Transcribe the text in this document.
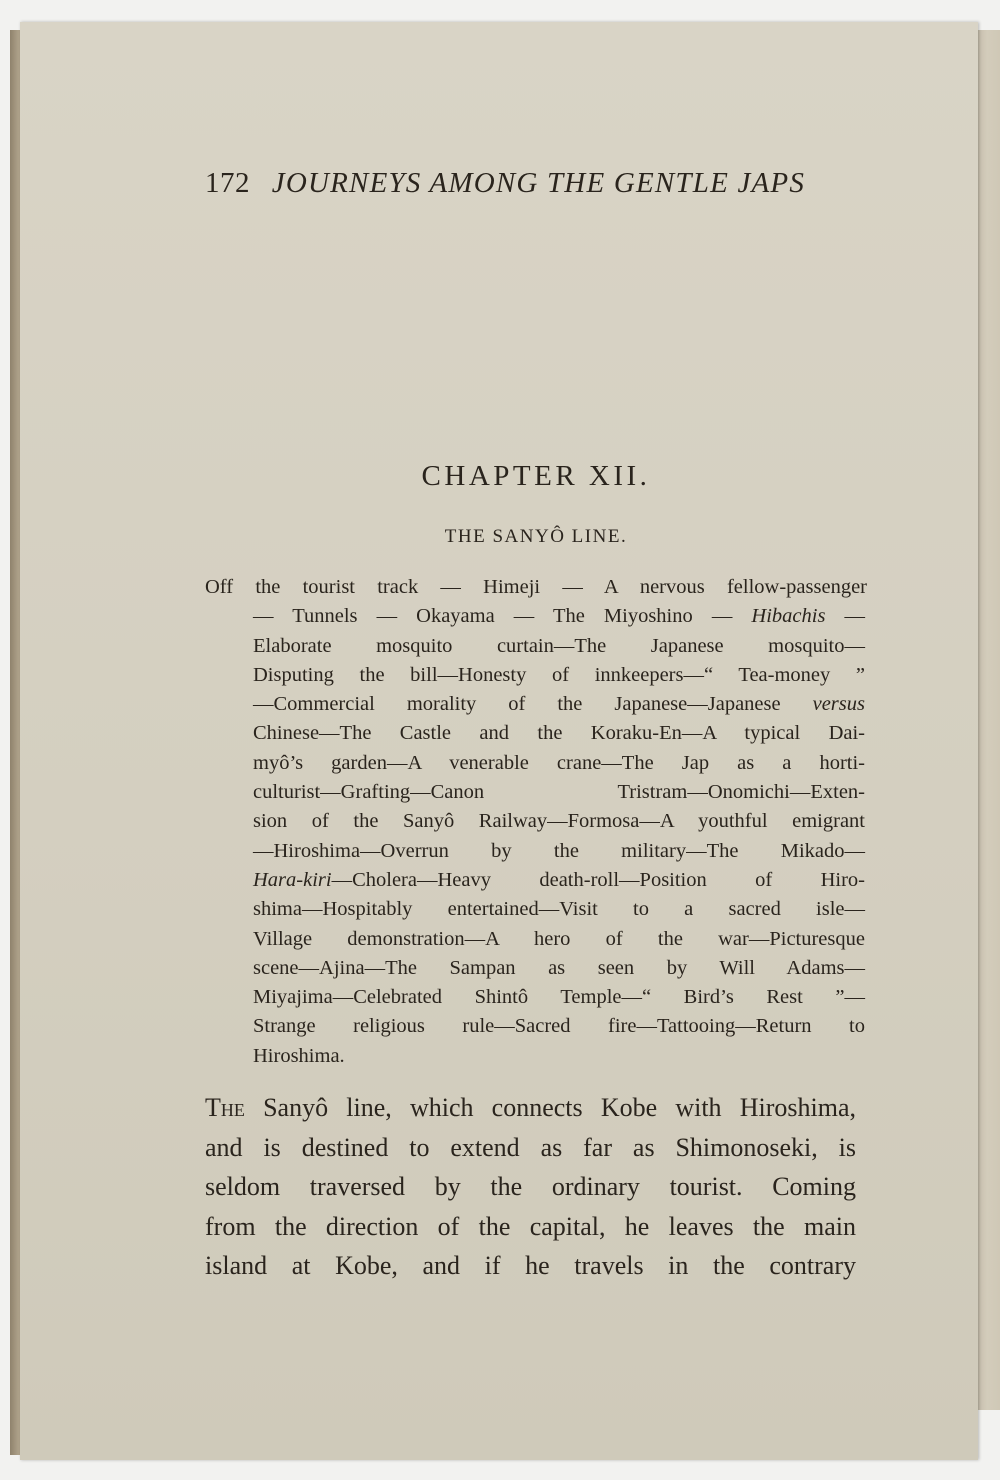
172 JOURNEYS AMONG THE GENTLE JAPS
CHAPTER XII.
THE SANYÔ LINE.
Off the tourist track — Himeji — A nervous fellow-passenger
— Tunnels — Okayama — The Miyoshino — Hibachis —
Elaborate mosquito curtain—The Japanese mosquito—
Disputing the bill—Honesty of innkeepers—“ Tea-money ”
—Commercial morality of the Japanese—Japanese versus
Chinese—The Castle and the Koraku-En—A typical Dai-
myô’s garden—A venerable crane—The Jap as a horti-
culturist—Grafting—Canon Tristram—Onomichi—Exten-
sion of the Sanyô Railway—Formosa—A youthful emigrant
—Hiroshima—Overrun by the military—The Mikado—
Hara-kiri—Cholera—Heavy death-roll—Position of Hiro-
shima—Hospitably entertained—Visit to a sacred isle—
Village demonstration—A hero of the war—Picturesque
scene—Ajina—The Sampan as seen by Will Adams—
Miyajima—Celebrated Shintô Temple—“ Bird’s Rest ”—
Strange religious rule—Sacred fire—Tattooing—Return to
Hiroshima.
The Sanyô line, which connects Kobe with Hiroshima,
and is destined to extend as far as Shimonoseki, is
seldom traversed by the ordinary tourist. Coming
from the direction of the capital, he leaves the main
island at Kobe, and if he travels in the contrary
